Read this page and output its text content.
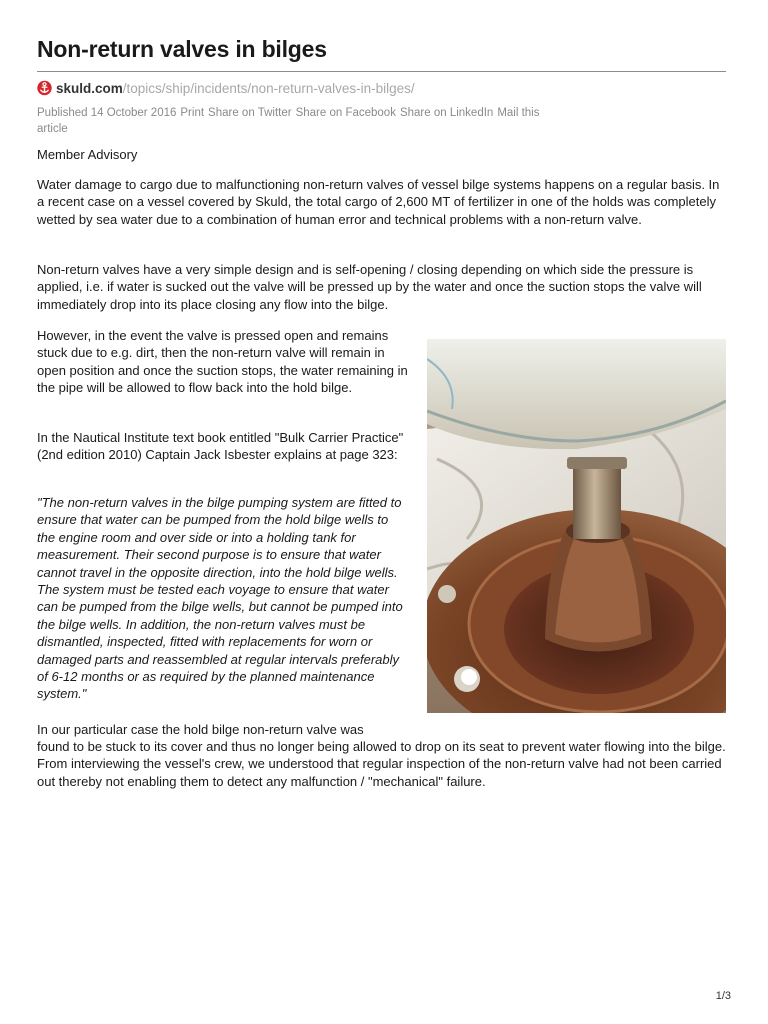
Non-return valves in bilges
skuld.com /topics/ship/incidents/non-return-valves-in-bilges/
Published 14 October 2016 Print Share on Twitter Share on Facebook Share on LinkedIn Mail this article
Member Advisory

Water damage to cargo due to malfunctioning non-return valves of vessel bilge systems happens on a regular basis. In a recent case on a vessel covered by Skuld, the total cargo of 2,600 MT of fertilizer in one of the holds was completely wetted by sea water due to a combination of human error and technical problems with a non-return valve.

Non-return valves have a very simple design and is self-opening / closing depending on which side the pressure is applied, i.e. if water is sucked out the valve will be pressed up by the water and once the suction stops the valve will immediately drop into its place closing any flow into the bilge.

However, in the event the valve is pressed open and remains stuck due to e.g. dirt, then the non-return valve will remain in open position and once the suction stops, the water remaining in the pipe will be allowed to flow back into the hold bilge.

In the Nautical Institute text book entitled "Bulk Carrier Practice" (2nd edition 2010) Captain Jack Isbester explains at page 323:

"The non-return valves in the bilge pumping system are fitted to ensure that water can be pumped from the hold bilge wells to the engine room and over side or into a holding tank for measurement. Their second purpose is to ensure that water cannot travel in the opposite direction, into the hold bilge wells. The system must be tested each voyage to ensure that water can be pumped from the bilge wells, but cannot be pumped into the bilge wells. In addition, the non-return valves must be dismantled, inspected, fitted with replacements for worn or damaged parts and reassembled at regular intervals preferably of 6-12 months or as required by the planned maintenance system."

In our particular case the hold bilge non-return valve was

found to be stuck to its cover and thus no longer being allowed to drop on its seat to prevent water flowing into the bilge. From interviewing the vessel's crew, we understood that regular inspection of the non-return valve had not been carried out thereby not enabling them to detect any malfunction / "mechanical" failure.

1/3
